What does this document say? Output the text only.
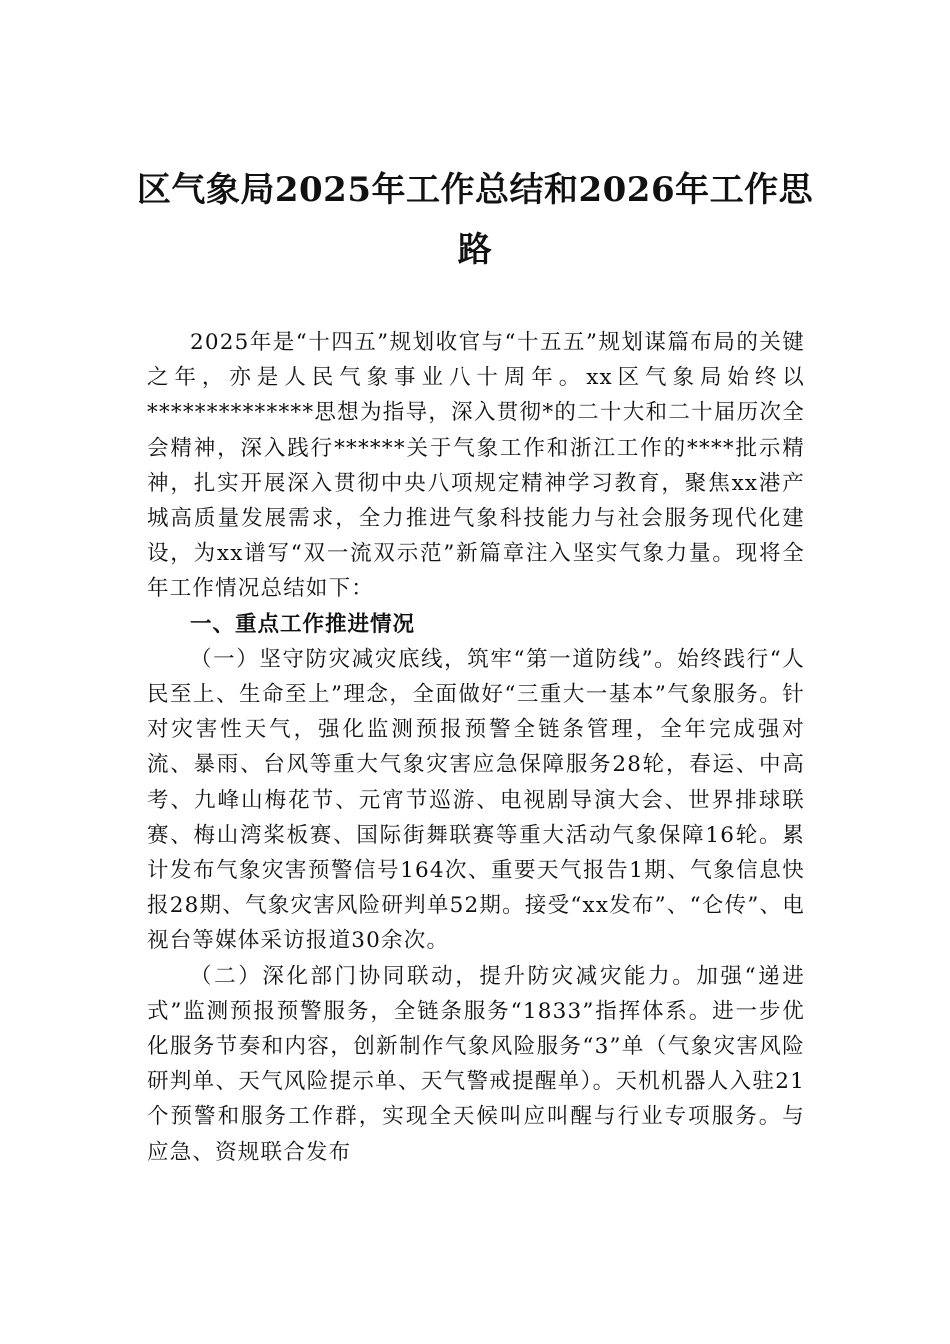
区气象局2025年工作总结和2026年工作思路

2025年是“十四五”规划收官与“十五五”规划谋篇布局的关键之年，亦是人民气象事业八十周年。xx区气象局始终以**************思想为指导，深入贯彻*的二十大和二十届历次全会精神，深入践行******关于气象工作和浙江工作的****批示精神，扎实开展深入贯彻中央八项规定精神学习教育，聚焦xx港产城高质量发展需求，全力推进气象科技能力与社会服务现代化建设，为xx谱写“双一流双示范”新篇章注入坚实气象力量。现将全年工作情况总结如下：

一、重点工作推进情况

（一）坚守防灾减灾底线，筑牢“第一道防线”。始终践行“人民至上、生命至上”理念，全面做好“三重大一基本”气象服务。针对灾害性天气，强化监测预报预警全链条管理，全年完成强对流、暴雨、台风等重大气象灾害应急保障服务28轮，春运、中高考、九峰山梅花节、元宵节巡游、电视剧导演大会、世界排球联赛、梅山湾桨板赛、国际街舞联赛等重大活动气象保障16轮。累计发布气象灾害预警信号164次、重要天气报告1期、气象信息快报28期、气象灾害风险研判单52期。接受“xx发布”、“仑传”、电视台等媒体采访报道30余次。

（二）深化部门协同联动，提升防灾减灾能力。加强“递进式”监测预报预警服务，全链条服务“1833”指挥体系。进一步优化服务节奏和内容，创新制作气象风险服务“3”单（气象灾害风险研判单、天气风险提示单、天气警戒提醒单）。天机机器人入驻21个预警和服务工作群，实现全天候叫应叫醒与行业专项服务。与应急、资规联合发布
